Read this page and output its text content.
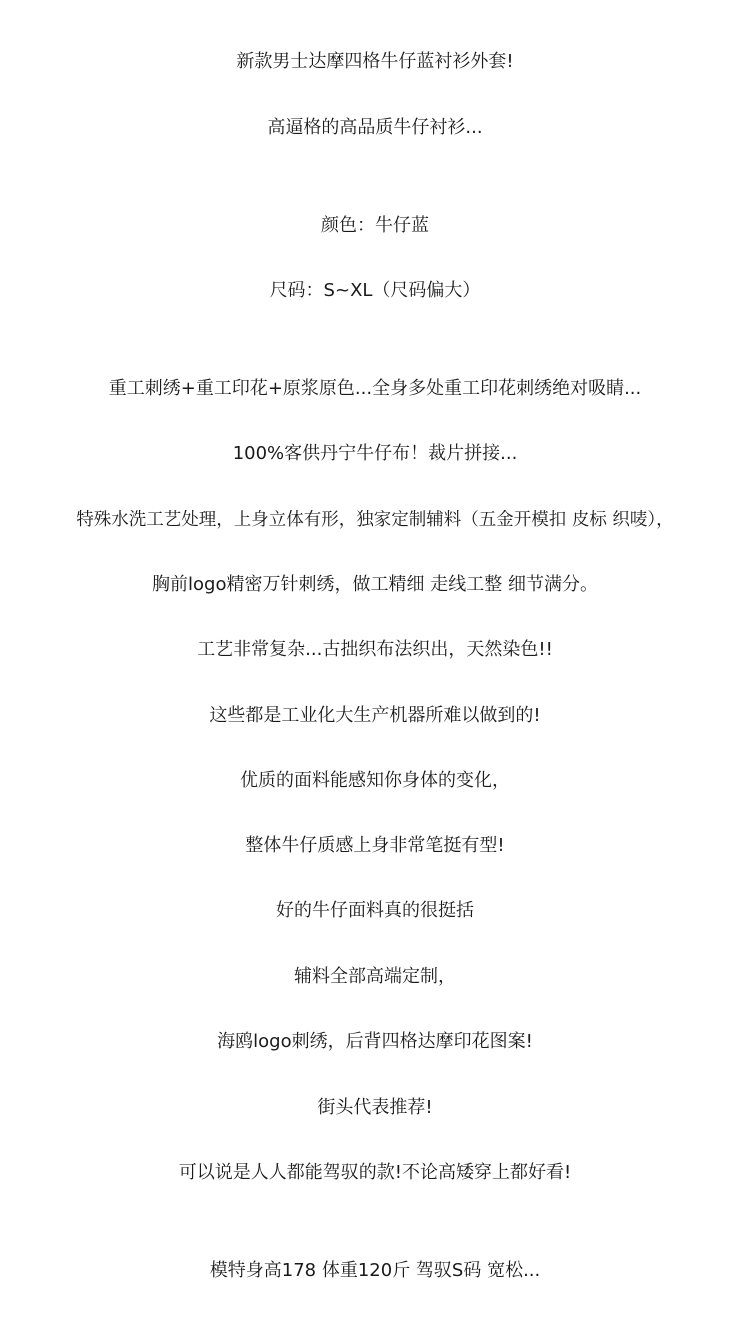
新款男士达摩四格牛仔蓝衬衫外套!
高逼格的高品质牛仔衬衫...
颜色：牛仔蓝
尺码：S~XL（尺码偏大）
重工刺绣+重工印花+原浆原色...全身多处重工印花刺绣绝对吸睛...
100%客供丹宁牛仔布！裁片拼接...
特殊水洗工艺处理，上身立体有形，独家定制辅料（五金开模扣 皮标 织唛），
胸前logo精密万针刺绣，做工精细 走线工整 细节满分。
工艺非常复杂...古拙织布法织出，天然染色!!
这些都是工业化大生产机器所难以做到的!
优质的面料能感知你身体的变化，
整体牛仔质感上身非常笔挺有型!
好的牛仔面料真的很挺括
辅料全部高端定制，
海鸥logo刺绣，后背四格达摩印花图案!
街头代表推荐!
可以说是人人都能驾驭的款!不论高矮穿上都好看!
模特身高178 体重120斤 驾驭S码 宽松...
